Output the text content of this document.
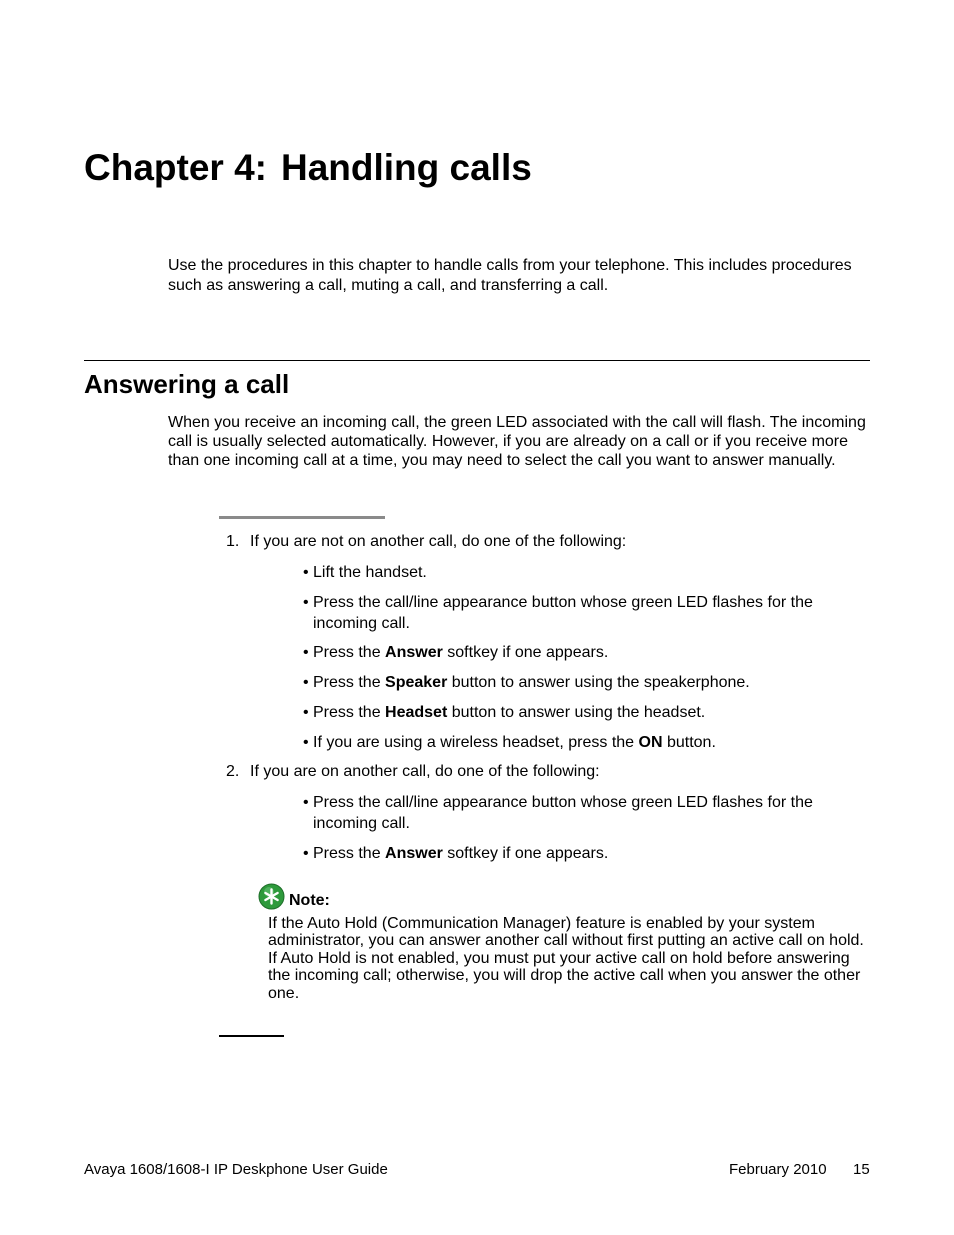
Chapter 4: Handling calls

Use the procedures in this chapter to handle calls from your telephone. This includes procedures such as answering a call, muting a call, and transferring a call.

Answering a call

When you receive an incoming call, the green LED associated with the call will flash. The incoming call is usually selected automatically. However, if you are already on a call or if you receive more than one incoming call at a time, you may need to select the call you want to answer manually.

1. If you are not on another call, do one of the following:
• Lift the handset.
• Press the call/line appearance button whose green LED flashes for the incoming call.
• Press the Answer softkey if one appears.
• Press the Speaker button to answer using the speakerphone.
• Press the Headset button to answer using the headset.
• If you are using a wireless headset, press the ON button.
2. If you are on another call, do one of the following:
• Press the call/line appearance button whose green LED flashes for the incoming call.
• Press the Answer softkey if one appears.
Note:

If the Auto Hold (Communication Manager) feature is enabled by your system administrator, you can answer another call without first putting an active call on hold. If Auto Hold is not enabled, you must put your active call on hold before answering the incoming call; otherwise, you will drop the active call when you answer the other one.

Avaya 1608/1608-I IP Deskphone User Guide	February 2010 15
